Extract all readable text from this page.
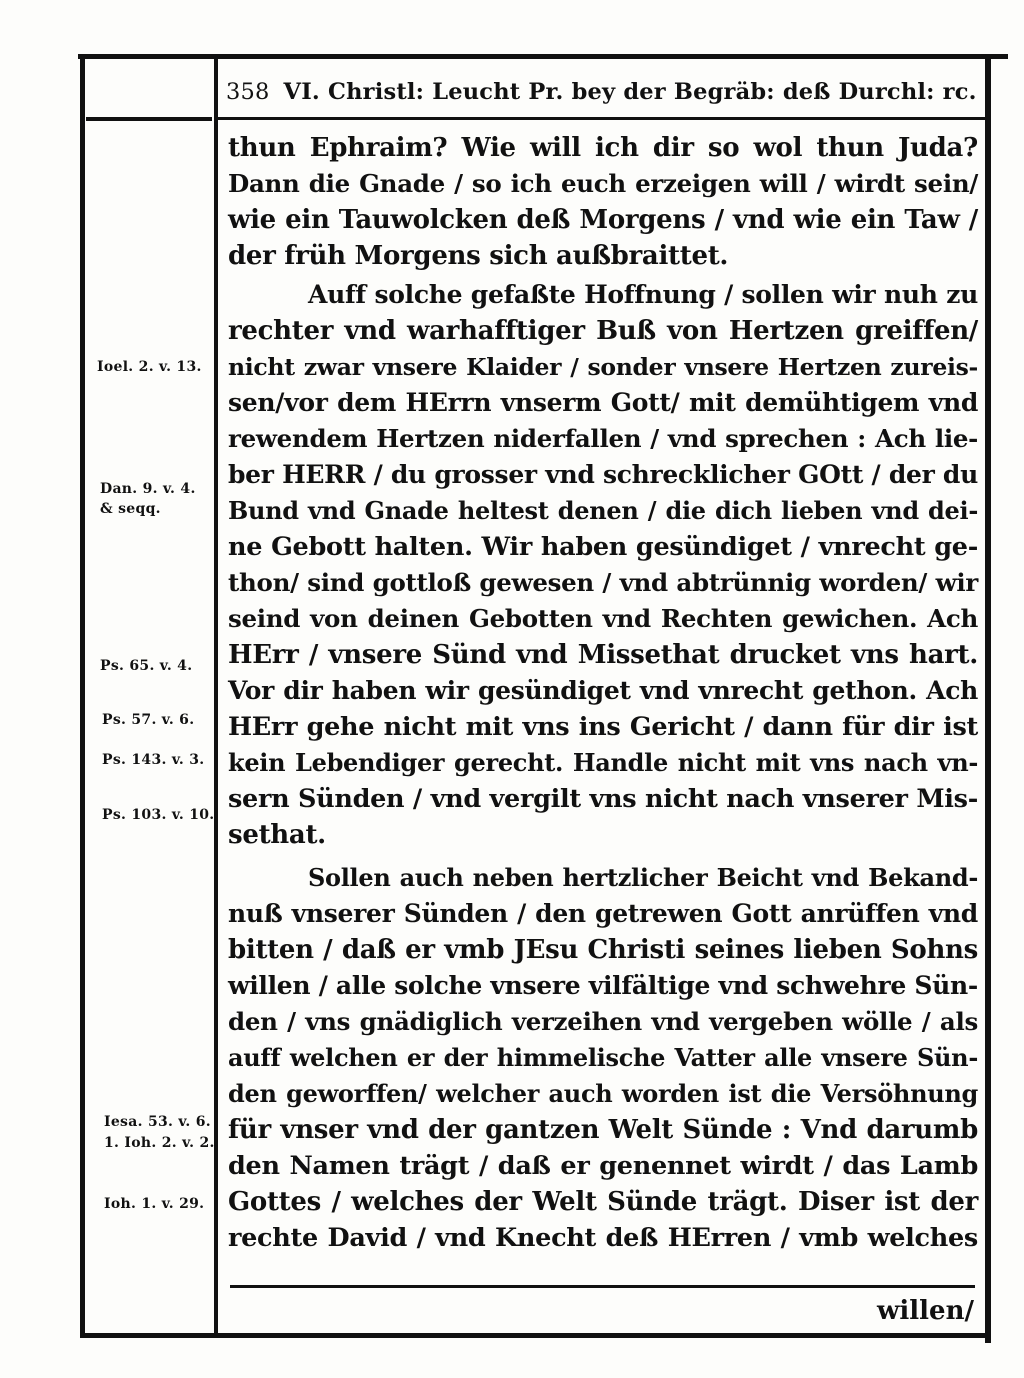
358 VI. Christl: Leucht Pr. bey der Begräb: deß Durchl: rc.
Ioel. 2. v. 13.
Dan. 9. v. 4.
& seqq.
Ps. 65. v. 4.
Ps. 57. v. 6.
Ps. 143. v. 3.
Ps. 103. v. 10.
Iesa. 53. v. 6.
1. Ioh. 2. v. 2.
Ioh. 1. v. 29.
thun Ephraim? Wie will ich dir so wol thun Juda?
Dann die Gnade / so ich euch erzeigen will / wirdt sein/
wie ein Tauwolcken deß Morgens / vnd wie ein Taw /
der früh Morgens sich außbraittet.
Auff solche gefaßte Hoffnung / sollen wir nuh zu
rechter vnd warhafftiger Buß von Hertzen greiffen/
nicht zwar vnsere Klaider / sonder vnsere Hertzen zureis-
sen/vor dem HErrn vnserm Gott/ mit demühtigem vnd
rewendem Hertzen niderfallen / vnd sprechen : Ach lie-
ber HERR / du grosser vnd schrecklicher GOtt / der du
Bund vnd Gnade heltest denen / die dich lieben vnd dei-
ne Gebott halten. Wir haben gesündiget / vnrecht ge-
thon/ sind gottloß gewesen / vnd abtrünnig worden/ wir
seind von deinen Gebotten vnd Rechten gewichen. Ach
HErr / vnsere Sünd vnd Missethat drucket vns hart.
Vor dir haben wir gesündiget vnd vnrecht gethon. Ach
HErr gehe nicht mit vns ins Gericht / dann für dir ist
kein Lebendiger gerecht. Handle nicht mit vns nach vn-
sern Sünden / vnd vergilt vns nicht nach vnserer Mis-
sethat.
Sollen auch neben hertzlicher Beicht vnd Bekand-
nuß vnserer Sünden / den getrewen Gott anrüffen vnd
bitten / daß er vmb JEsu Christi seines lieben Sohns
willen / alle solche vnsere vilfältige vnd schwehre Sün-
den / vns gnädiglich verzeihen vnd vergeben wölle / als
auff welchen er der himmelische Vatter alle vnsere Sün-
den geworffen/ welcher auch worden ist die Versöhnung
für vnser vnd der gantzen Welt Sünde : Vnd darumb
den Namen trägt / daß er genennet wirdt / das Lamb
Gottes / welches der Welt Sünde trägt. Diser ist der
rechte David / vnd Knecht deß HErren / vmb welches
willen/
